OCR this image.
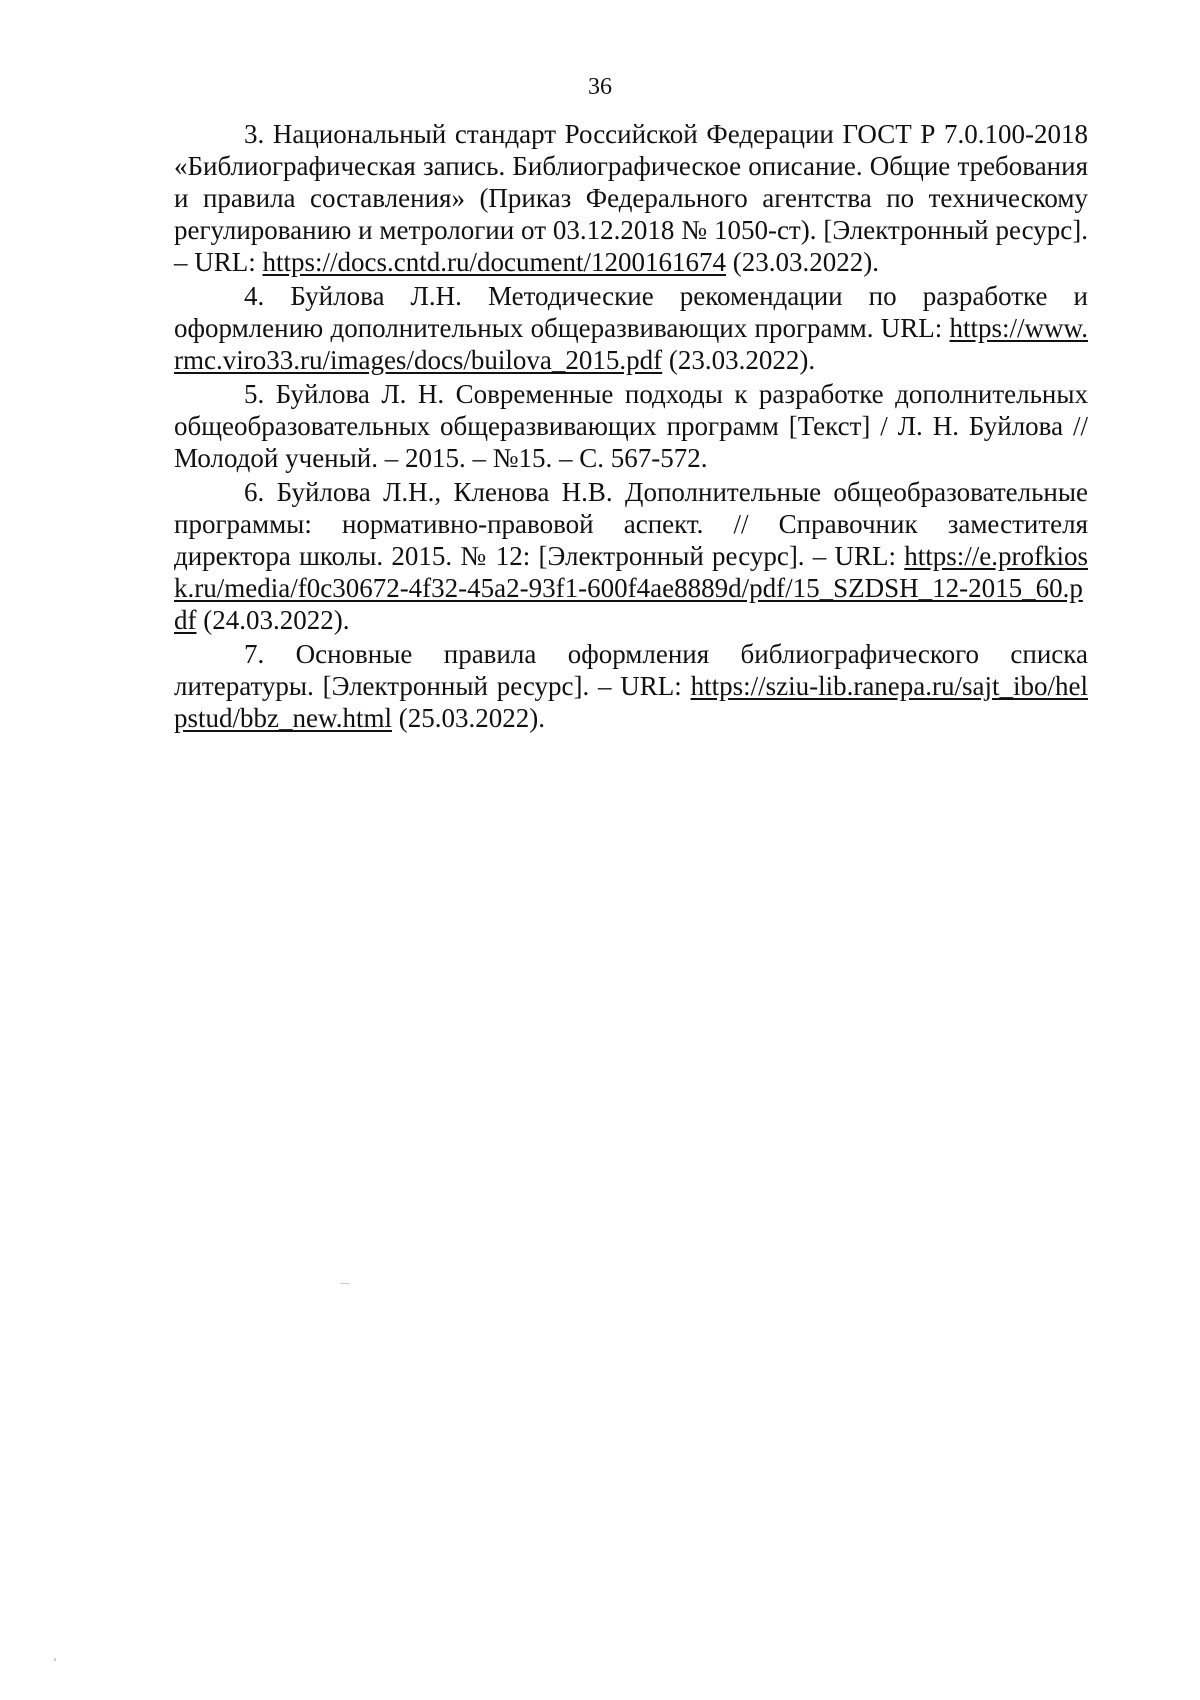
36
3. Национальный стандарт Российской Федерации ГОСТ Р 7.0.100-2018 «Библиографическая запись. Библиографическое описание. Общие требования и правила составления» (Приказ Федерального агентства по техническому регулированию и метрологии от 03.12.2018 № 1050-ст). [Электронный ресурс]. – URL: https://docs.cntd.ru/document/1200161674 (23.03.2022).
4. Буйлова Л.Н. Методические рекомендации по разработке и оформлению дополнительных общеразвивающих программ. URL: https://www.rmc.viro33.ru/images/docs/builova_2015.pdf (23.03.2022).
5. Буйлова Л. Н. Современные подходы к разработке дополнительных общеобразовательных общеразвивающих программ [Текст] / Л. Н. Буйлова // Молодой ученый. – 2015. – №15. – С. 567-572.
6. Буйлова Л.Н., Кленова Н.В. Дополнительные общеобразовательные программы: нормативно-правовой аспект. // Справочник заместителя директора школы. 2015. № 12: [Электронный ресурс]. – URL: https://e.profkiosk.ru/media/f0c30672-4f32-45a2-93f1-600f4ae8889d/pdf/15_SZDSH_12-2015_60.pdf (24.03.2022).
7. Основные правила оформления библиографического списка литературы. [Электронный ресурс]. – URL: https://sziu-lib.ranepa.ru/sajt_ibo/helpstud/bbz_new.html (25.03.2022).
